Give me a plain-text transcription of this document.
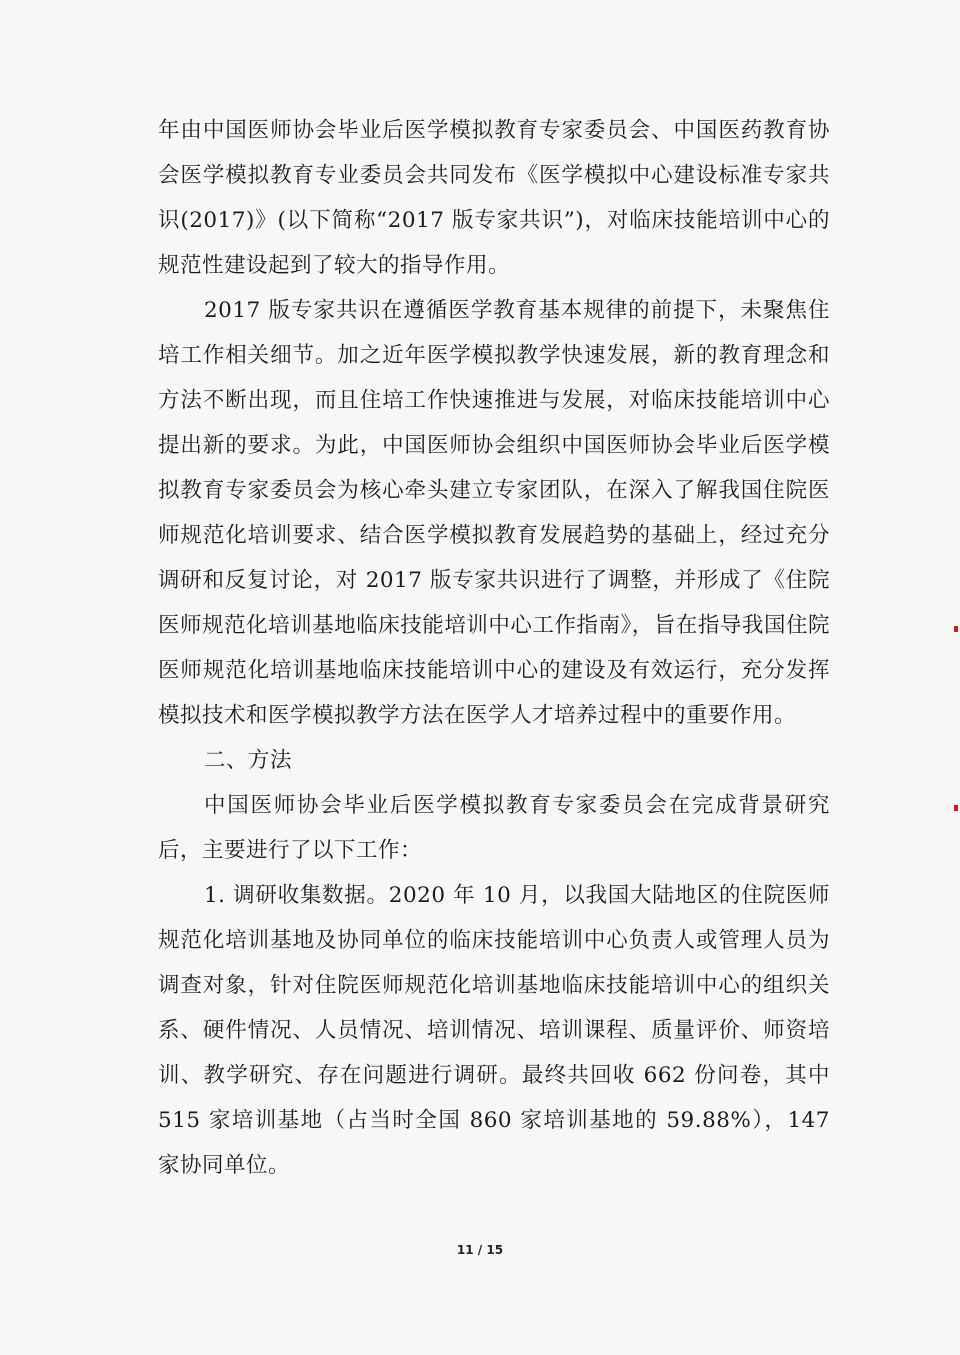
年由中国医师协会毕业后医学模拟教育专家委员会、中国医药教育协会医学模拟教育专业委员会共同发布《医学模拟中心建设标准专家共识(2017)》(以下简称“2017 版专家共识”)，对临床技能培训中心的规范性建设起到了较大的指导作用。

2017 版专家共识在遵循医学教育基本规律的前提下，未聚焦住培工作相关细节。加之近年医学模拟教学快速发展，新的教育理念和方法不断出现，而且住培工作快速推进与发展，对临床技能培训中心提出新的要求。为此，中国医师协会组织中国医师协会毕业后医学模拟教育专家委员会为核心牵头建立专家团队，在深入了解我国住院医师规范化培训要求、结合医学模拟教育发展趋势的基础上，经过充分调研和反复讨论，对 2017 版专家共识进行了调整，并形成了《住院医师规范化培训基地临床技能培训中心工作指南》，旨在指导我国住院医师规范化培训基地临床技能培训中心的建设及有效运行，充分发挥模拟技术和医学模拟教学方法在医学人才培养过程中的重要作用。

二、方法

中国医师协会毕业后医学模拟教育专家委员会在完成背景研究后，主要进行了以下工作：

1. 调研收集数据。2020 年 10 月，以我国大陆地区的住院医师规范化培训基地及协同单位的临床技能培训中心负责人或管理人员为调查对象，针对住院医师规范化培训基地临床技能培训中心的组织关系、硬件情况、人员情况、培训情况、培训课程、质量评价、师资培训、教学研究、存在问题进行调研。最终共回收 662 份问卷，其中 515 家培训基地（占当时全国 860 家培训基地的 59.88%），147 家协同单位。

11 / 15
